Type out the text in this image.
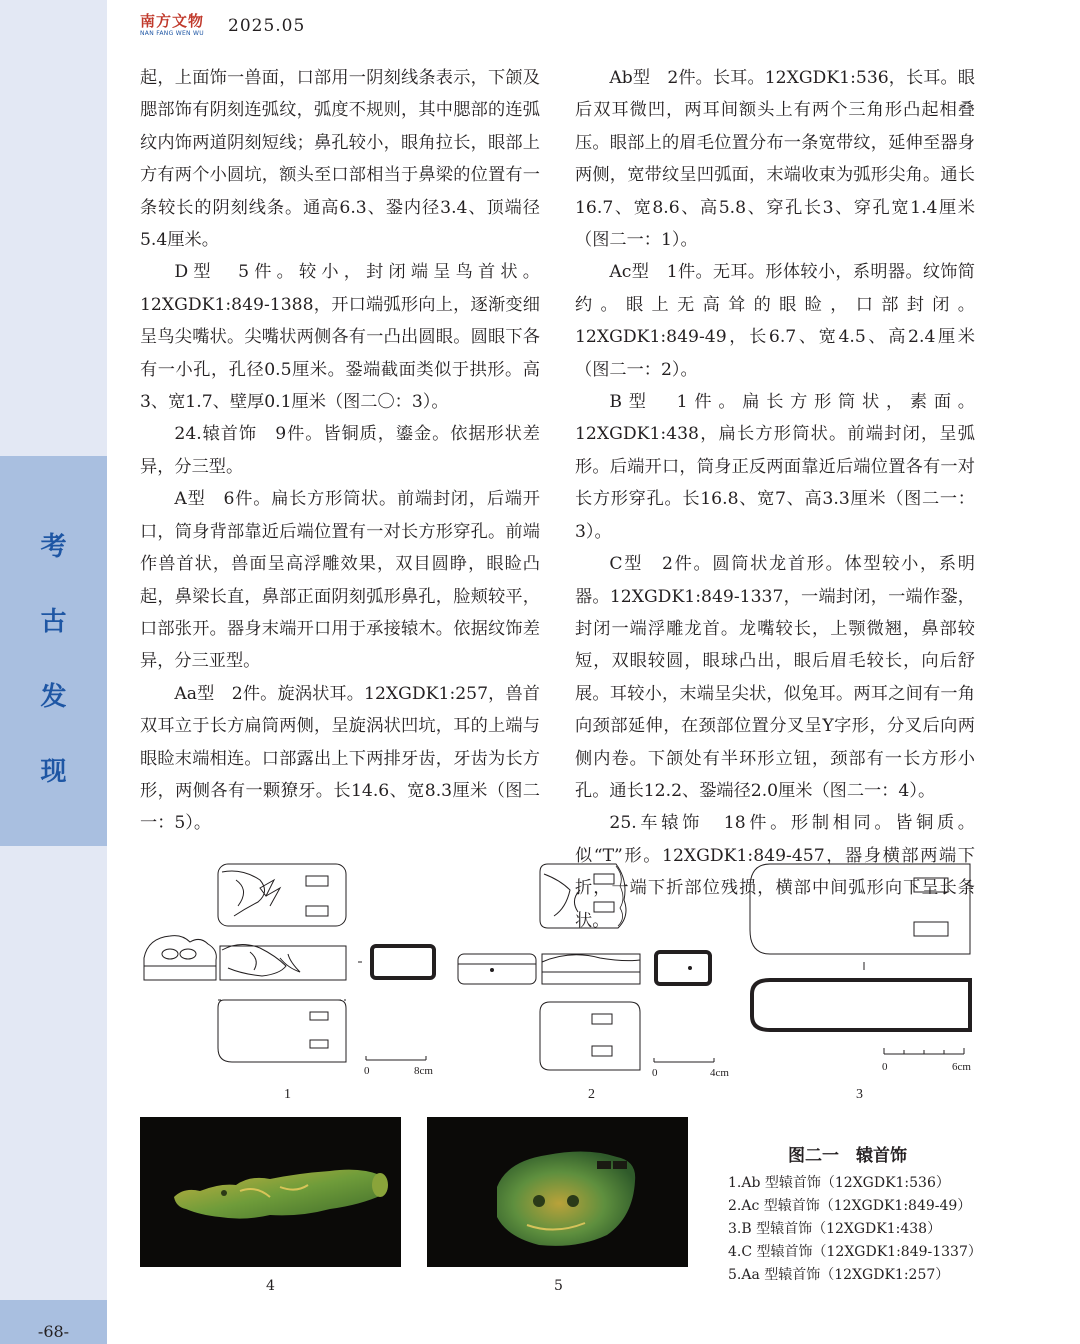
考
古
发
现
-68-
南方文物
NAN FANG WEN WU	2025.05

起，上面饰一兽面，口部用一阴刻线条表示，下颌及腮部饰有阴刻连弧纹，弧度不规则，其中腮部的连弧纹内饰两道阴刻短线；鼻孔较小，眼角拉长，眼部上方有两个小圆坑，额头至口部相当于鼻梁的位置有一条较长的阴刻线条。通高6.3、銎内径3.4、顶端径5.4厘米。

D型　5件。较小，封闭端呈鸟首状。12XGDK1:849-1388，开口端弧形向上，逐渐变细呈鸟尖嘴状。尖嘴状两侧各有一凸出圆眼。圆眼下各有一小孔，孔径0.5厘米。銎端截面类似于拱形。高3、宽1.7、壁厚0.1厘米（图二〇：3）。

24.辕首饰　9件。皆铜质，鎏金。依据形状差异，分三型。

A型　6件。扁长方形筒状。前端封闭，后端开口，筒身背部靠近后端位置有一对长方形穿孔。前端作兽首状，兽面呈高浮雕效果，双目圆睁，眼睑凸起，鼻梁长直，鼻部正面阴刻弧形鼻孔，脸颊较平，口部张开。器身末端开口用于承接辕木。依据纹饰差异，分三亚型。

Aa型　2件。旋涡状耳。12XGDK1:257，兽首双耳立于长方扁筒两侧，呈旋涡状凹坑，耳的上端与眼睑末端相连。口部露出上下两排牙齿，牙齿为长方形，两侧各有一颗獠牙。长14.6、宽8.3厘米（图二一：5）。

Ab型　2件。长耳。12XGDK1:536，长耳。眼后双耳微凹，两耳间额头上有两个三角形凸起相叠压。眼部上的眉毛位置分布一条宽带纹，延伸至器身两侧，宽带纹呈凹弧面，末端收束为弧形尖角。通长16.7、宽8.6、高5.8、穿孔长3、穿孔宽1.4厘米（图二一：1）。

Ac型　1件。无耳。形体较小，系明器。纹饰简约。眼上无高耸的眼睑，口部封闭。12XGDK1:849-49，长6.7、宽4.5、高2.4厘米（图二一：2）。

B型　1件。扁长方形筒状，素面。12XGDK1:438，扁长方形筒状。前端封闭，呈弧形。后端开口，筒身正反两面靠近后端位置各有一对长方形穿孔。长16.8、宽7、高3.3厘米（图二一：3）。

C型　2件。圆筒状龙首形。体型较小，系明器。12XGDK1:849-1337，一端封闭，一端作銎，封闭一端浮雕龙首。龙嘴较长，上颚微翘，鼻部较短，双眼较圆，眼球凸出，眼后眉毛较长，向后舒展。耳较小，末端呈尖状，似兔耳。两耳之间有一角向颈部延伸，在颈部位置分叉呈Y字形，分叉后向两侧内卷。下颌处有半环形立钮，颈部有一长方形小孔。通长12.2、銎端径2.0厘米（图二一：4）。

25.车辕饰　18件。形制相同。皆铜质。似“T”形。12XGDK1:849-457，器身横部两端下折，一端下折部位残损，横部中间弧形向下呈长条状。

0	8cm	0	4cm	0	6cm
1	2	3
4	5
图二一　辕首饰
1.Ab 型辕首饰（12XGDK1:536）
2.Ac 型辕首饰（12XGDK1:849-49）
3.B 型辕首饰（12XGDK1:438）
4.C 型辕首饰（12XGDK1:849-1337）
5.Aa 型辕首饰（12XGDK1:257）
